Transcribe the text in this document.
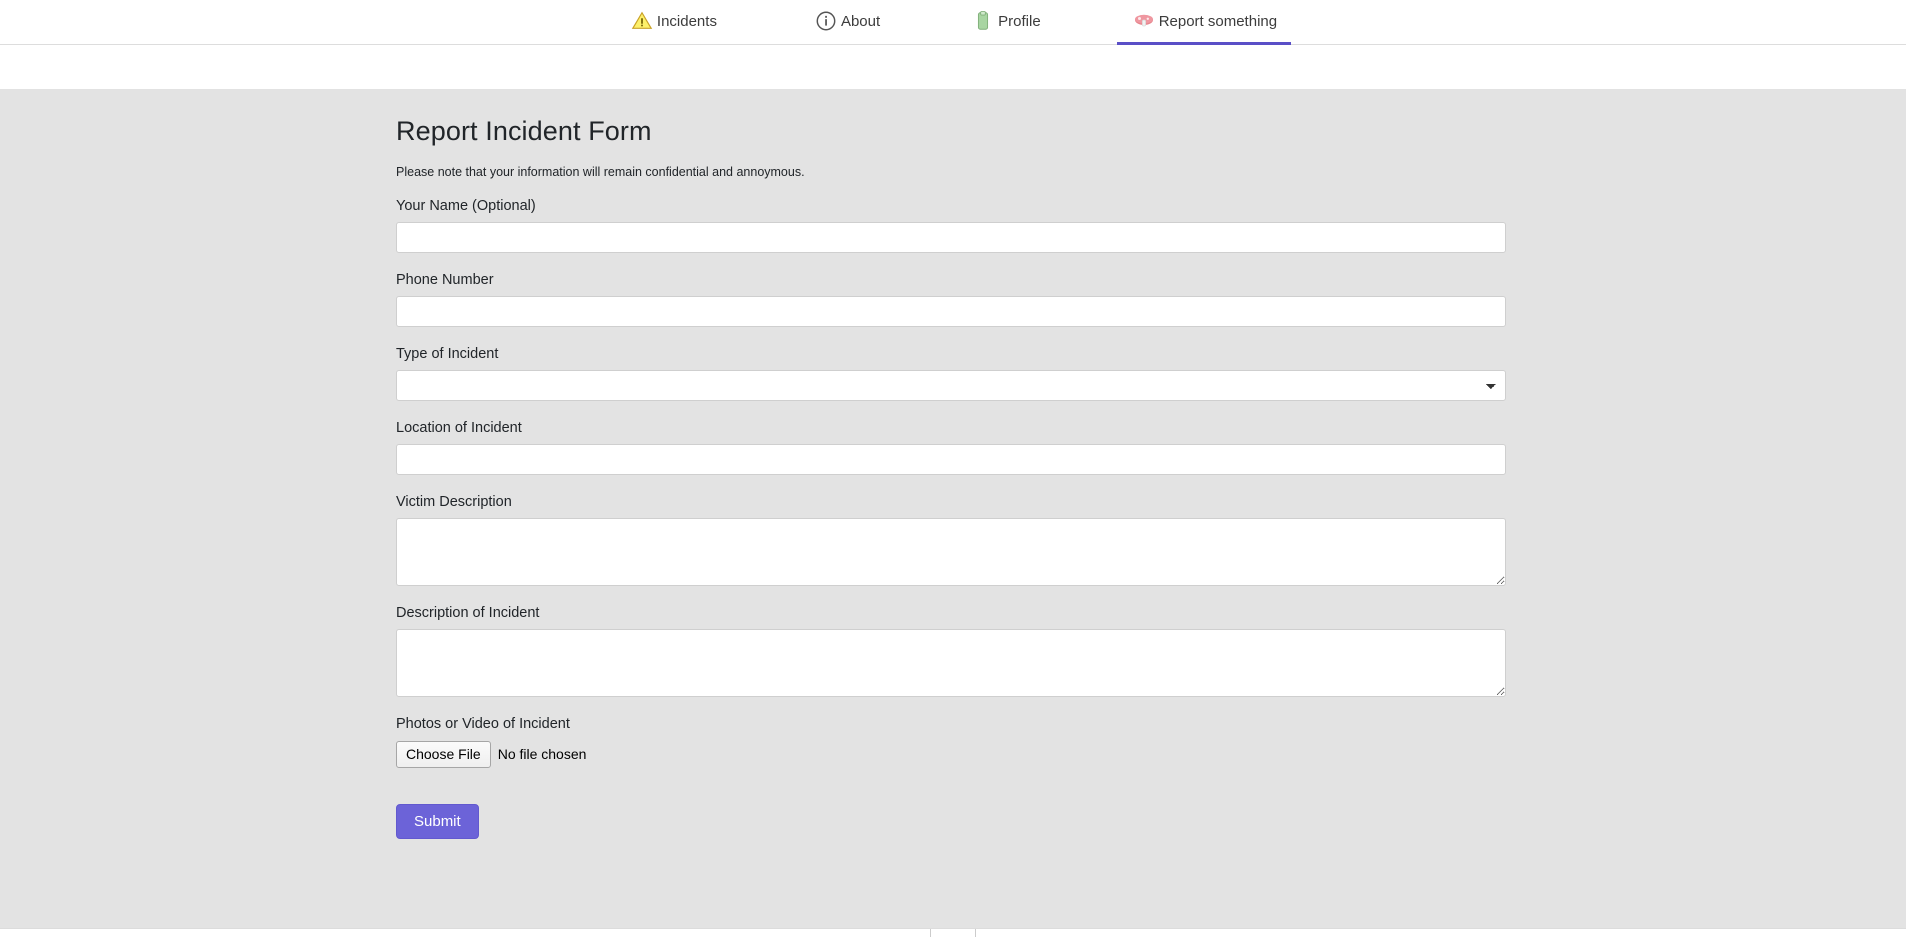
Incidents	About	Profile	Report something
Report Incident Form
Please note that your information will remain confidential and annoymous.
Your Name (Optional)
Phone Number
Type of Incident
Location of Incident
Victim Description
Description of Incident
Photos or Video of Incident
Choose File	No file chosen
Submit
